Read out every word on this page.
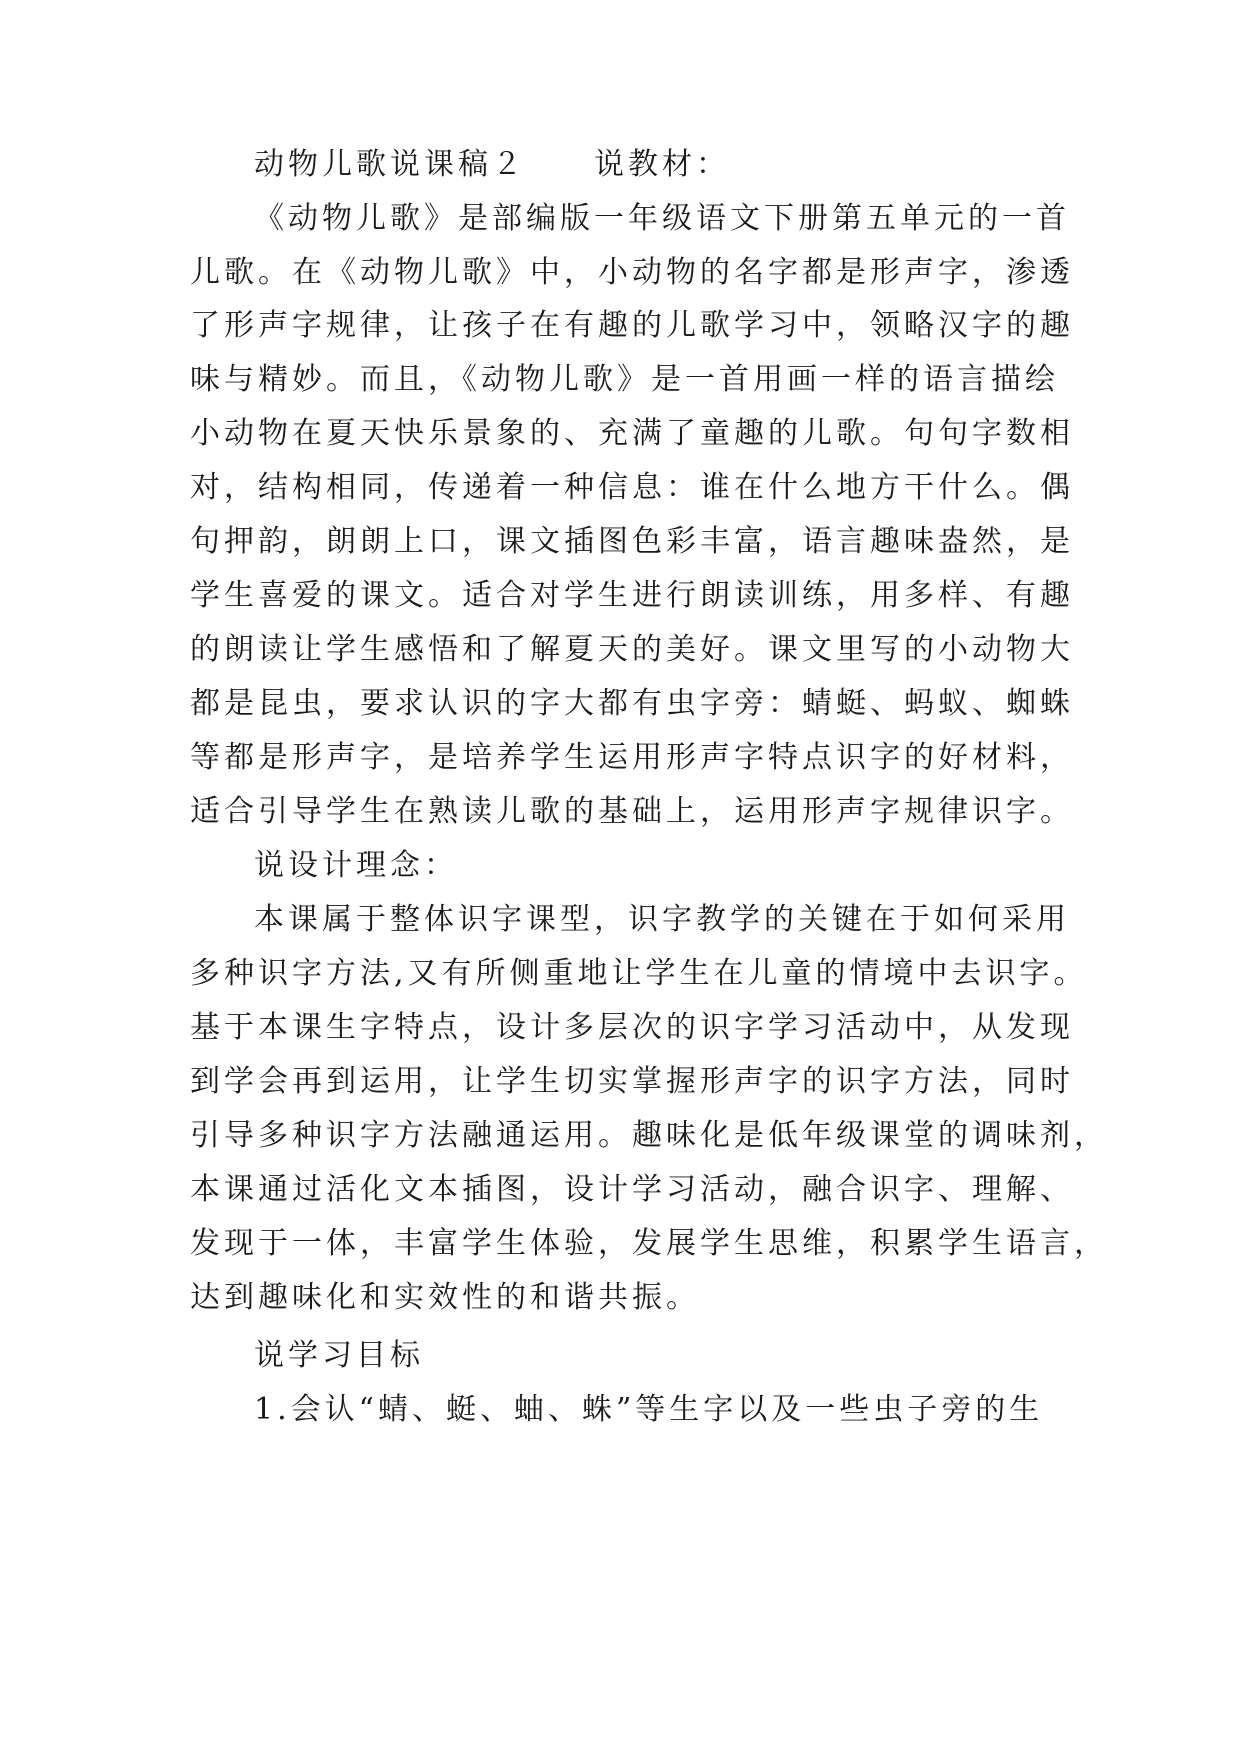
动物儿歌说课稿２　　说教材：
《动物儿歌》是部编版一年级语文下册第五单元的一首
儿歌。在《动物儿歌》中，小动物的名字都是形声字，渗透
了形声字规律，让孩子在有趣的儿歌学习中，领略汉字的趣
味与精妙。而且，《动物儿歌》是一首用画一样的语言描绘
小动物在夏天快乐景象的、充满了童趣的儿歌。句句字数相
对，结构相同，传递着一种信息：谁在什么地方干什么。偶
句押韵，朗朗上口，课文插图色彩丰富，语言趣味盎然，是
学生喜爱的课文。适合对学生进行朗读训练，用多样、有趣
的朗读让学生感悟和了解夏天的美好。课文里写的小动物大
都是昆虫，要求认识的字大都有虫字旁：蜻蜓、蚂蚁、蜘蛛
等都是形声字，是培养学生运用形声字特点识字的好材料，
适合引导学生在熟读儿歌的基础上，运用形声字规律识字。
说设计理念：
本课属于整体识字课型，识字教学的关键在于如何采用
多种识字方法,又有所侧重地让学生在儿童的情境中去识字。
基于本课生字特点，设计多层次的识字学习活动中，从发现
到学会再到运用，让学生切实掌握形声字的识字方法，同时
引导多种识字方法融通运用。趣味化是低年级课堂的调味剂，
本课通过活化文本插图，设计学习活动，融合识字、理解、
发现于一体，丰富学生体验，发展学生思维，积累学生语言，
达到趣味化和实效性的和谐共振。
说学习目标
1.会认“蜻、蜓、蚰、蛛”等生字以及一些虫子旁的生
